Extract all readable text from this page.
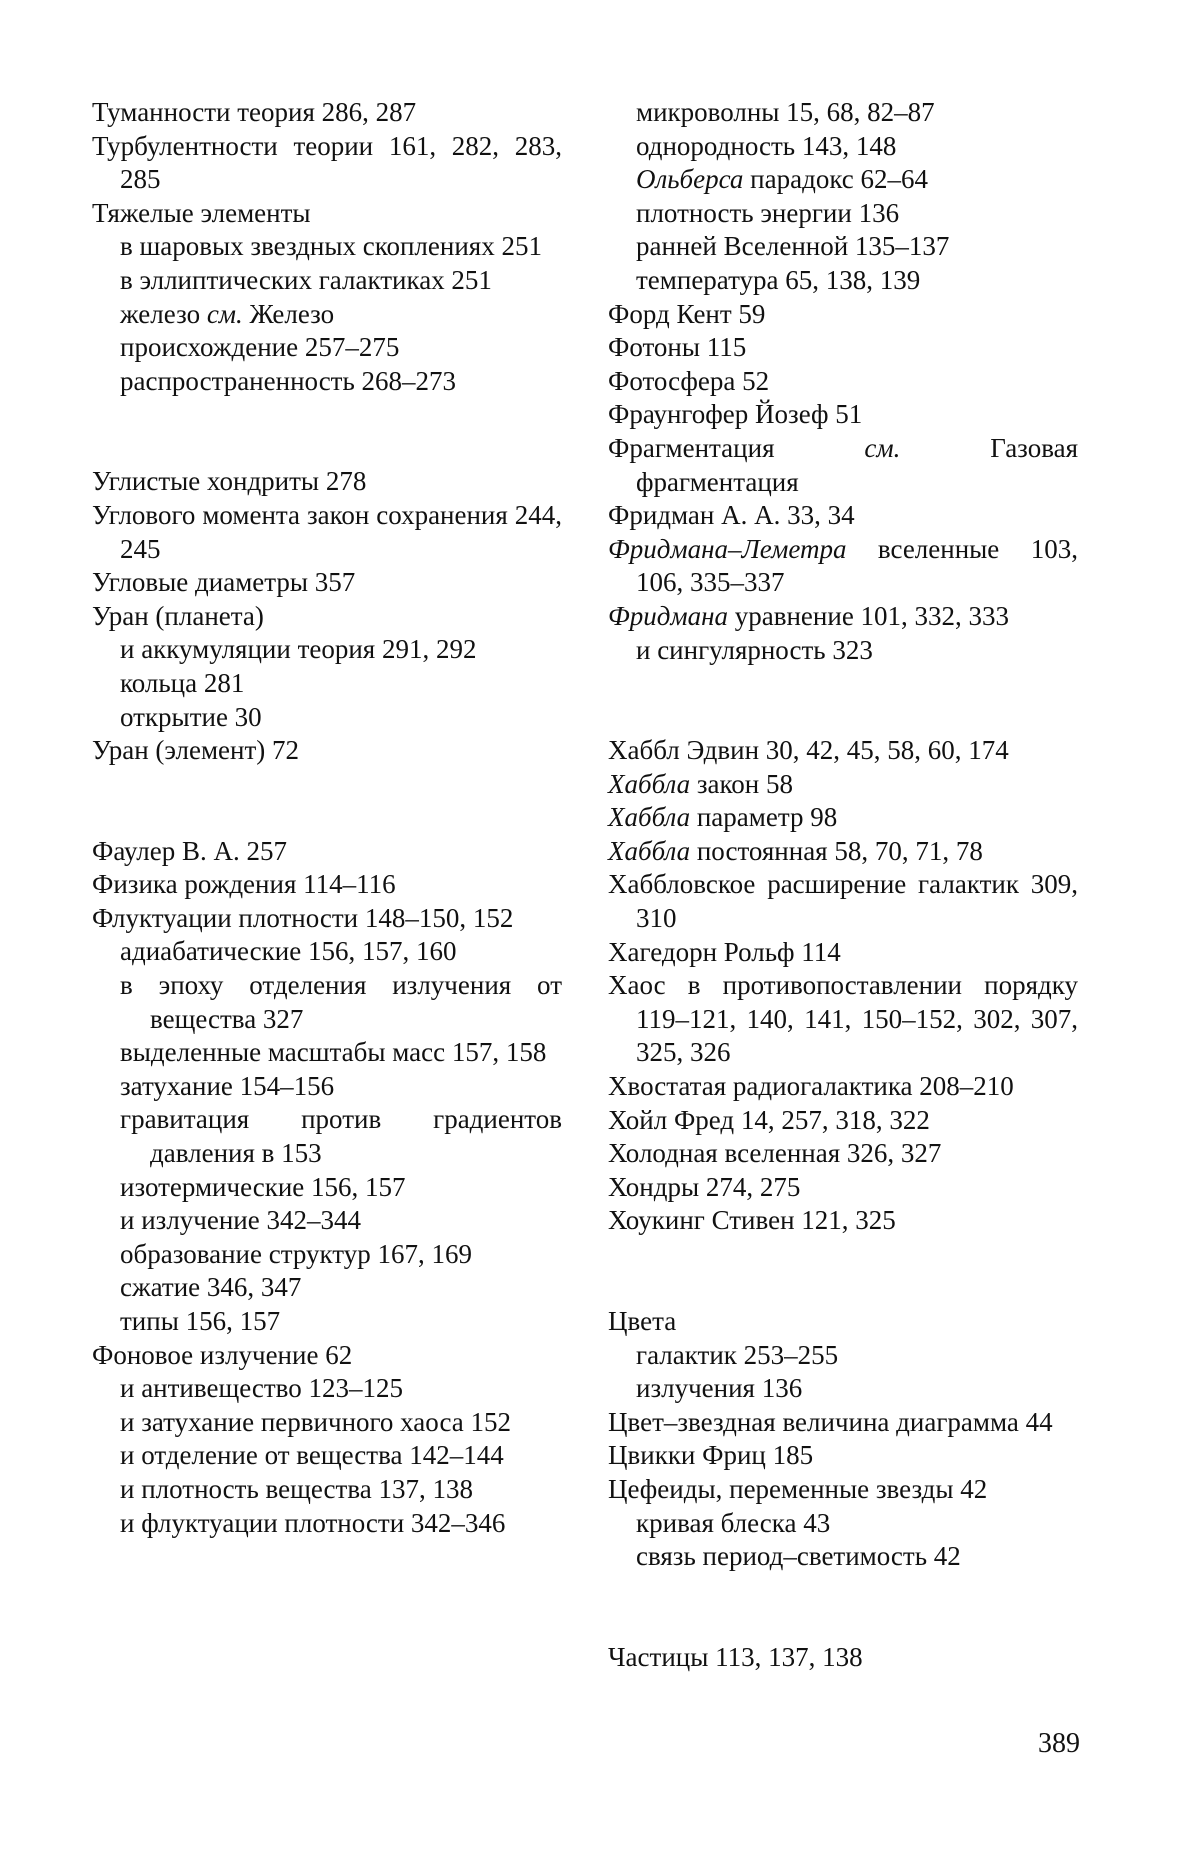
Туманности теория 286, 287
Турбулентности теории 161, 282, 283, 285
Тяжелые элементы
в шаровых звездных скоплениях 251
в эллиптических галактиках 251
железо см. Железо
происхождение 257–275
распространенность 268–273
Углистые хондриты 278
Углового момента закон сохранения 244, 245
Угловые диаметры 357
Уран (планета)
и аккумуляции теория 291, 292
кольца 281
открытие 30
Уран (элемент) 72
Фаулер В. А. 257
Физика рождения 114–116
Флуктуации плотности 148–150, 152
адиабатические 156, 157, 160
в эпоху отделения излучения от вещества 327
выделенные масштабы масс 157, 158
затухание 154–156
гравитация против градиентов давления в 153
изотермические 156, 157
и излучение 342–344
образование структур 167, 169
сжатие 346, 347
типы 156, 157
Фоновое излучение 62
и антивещество 123–125
и затухание первичного хаоса 152
и отделение от вещества 142–144
и плотность вещества 137, 138
и флуктуации плотности 342–346
микроволны 15, 68, 82–87
однородность 143, 148
Ольберса парадокс 62–64
плотность энергии 136
ранней Вселенной 135–137
температура 65, 138, 139
Форд Кент 59
Фотоны 115
Фотосфера 52
Фраунгофер Йозеф 51
Фрагментация см. Газовая фрагментация
Фридман А. А. 33, 34
Фридмана–Леметра вселенные 103, 106, 335–337
Фридмана уравнение 101, 332, 333
и сингулярность 323
Хаббл Эдвин 30, 42, 45, 58, 60, 174
Хаббла закон 58
Хаббла параметр 98
Хаббла постоянная 58, 70, 71, 78
Хаббловское расширение галактик 309, 310
Хагедорн Рольф 114
Хаос в противопоставлении порядку 119–121, 140, 141, 150–152, 302, 307, 325, 326
Хвостатая радиогалактика 208–210
Хойл Фред 14, 257, 318, 322
Холодная вселенная 326, 327
Хондры 274, 275
Хоукинг Стивен 121, 325
Цвета
галактик 253–255
излучения 136
Цвет–звездная величина диаграмма 44
Цвикки Фриц 185
Цефеиды, переменные звезды 42
кривая блеска 43
связь период–светимость 42
Частицы 113, 137, 138
389
